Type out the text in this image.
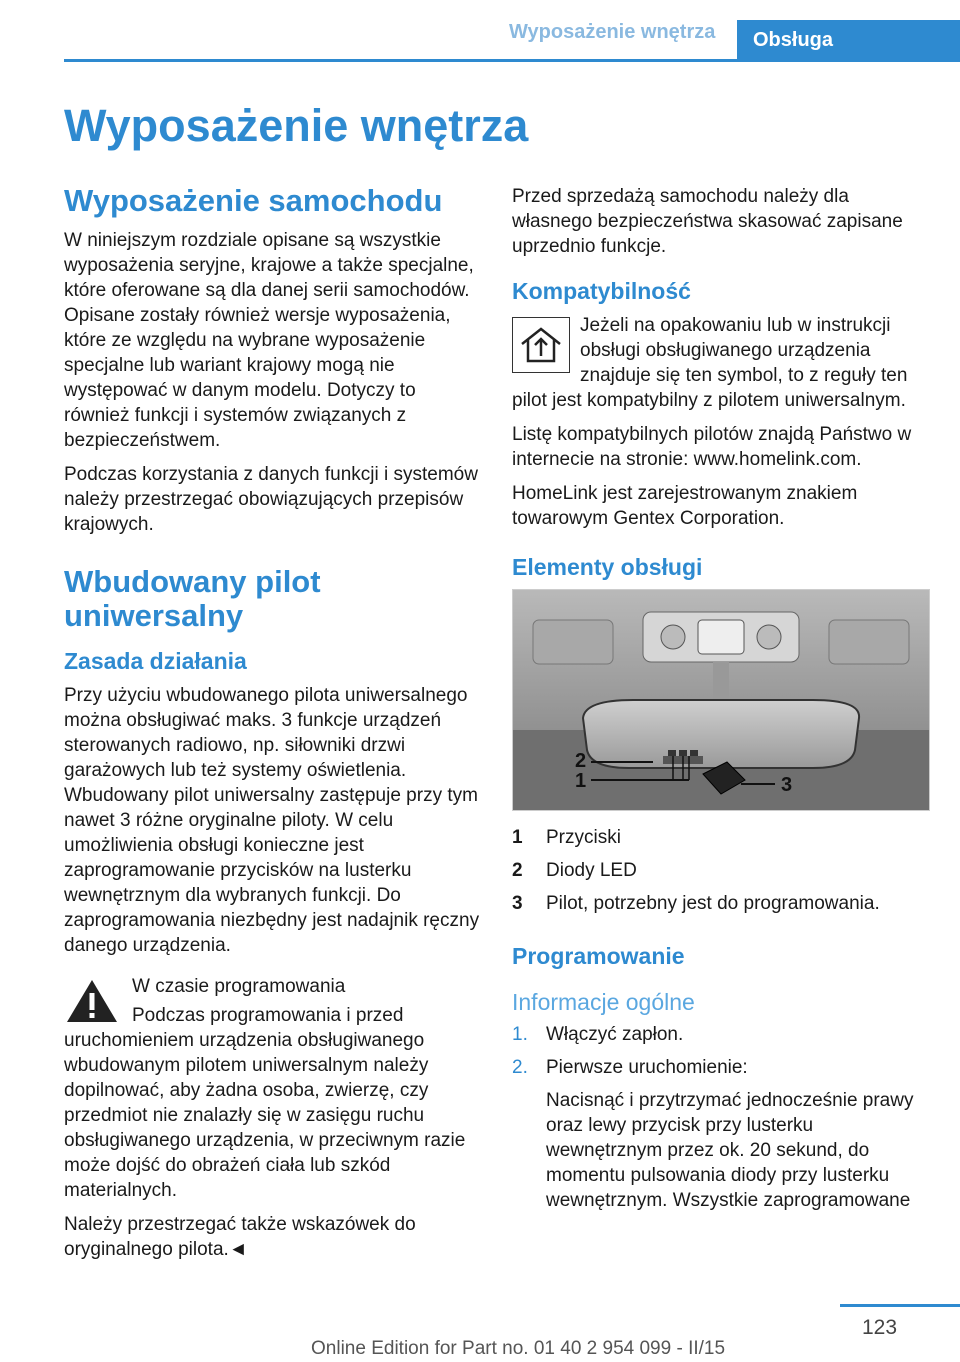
Wyposażenie wnętrza	Obsługa
Wyposażenie wnętrza
Wyposażenie samochodu

W niniejszym rozdziale opisane są wszystkie wyposażenia seryjne, krajowe a także specjalne, które oferowane są dla danej serii samochodów. Opisane zostały również wersje wyposażenia, które ze względu na wybrane wyposażenie specjalne lub wariant krajowy mogą nie występować w danym modelu. Dotyczy to również funkcji i systemów związanych z bezpieczeństwem.

Podczas korzystania z danych funkcji i systemów należy przestrzegać obowiązujących przepisów krajowych.

Wbudowany pilot uniwersalny
Zasada działania

Przy użyciu wbudowanego pilota uniwersalnego można obsługiwać maks. 3 funkcje urządzeń sterowanych radiowo, np. siłowniki drzwi garażowych lub też systemy oświetlenia. Wbudowany pilot uniwersalny zastępuje przy tym nawet 3 różne oryginalne piloty. W celu umożliwienia obsługi konieczne jest zaprogramowanie przycisków na lusterku wewnętrznym dla wybranych funkcji. Do zaprogramowania niezbędny jest nadajnik ręczny danego urządzenia.

W czasie programowania

Podczas programowania i przed uruchomieniem urządzenia obsługiwanego wbudowanym pilotem uniwersalnym należy dopilnować, aby żadna osoba, zwierzę, czy przedmiot nie znalazły się w zasięgu ruchu obsługiwanego urządzenia, w przeciwnym razie może dojść do obrażeń ciała lub szkód materialnych.

Należy przestrzegać także wskazówek do oryginalnego pilota.◄

Przed sprzedażą samochodu należy dla własnego bezpieczeństwa skasować zapisane uprzednio funkcje.

Kompatybilność

Jeżeli na opakowaniu lub w instrukcji obsługi obsługiwanego urządzenia znajduje się ten symbol, to z reguły ten pilot jest kompatybilny z pilotem uniwersalnym.

Listę kompatybilnych pilotów znajdą Państwo w internecie na stronie: www.homelink.com.

HomeLink jest zarejestrowanym znakiem towarowym Gentex Corporation.

Elementy obsługi
2
1	3
1	Przyciski
2	Diody LED
3	Pilot, potrzebny jest do programowania.
Programowanie
Informacje ogólne
1. Włączyć zapłon.
2. Pierwsze uruchomienie:

Nacisnąć i przytrzymać jednocześnie prawy oraz lewy przycisk przy lusterku wewnętrznym przez ok. 20 sekund, do momentu pulsowania diody przy lusterku wewnętrznym. Wszystkie zaprogramowane

123
Online Edition for Part no. 01 40 2 954 099 - II/15
